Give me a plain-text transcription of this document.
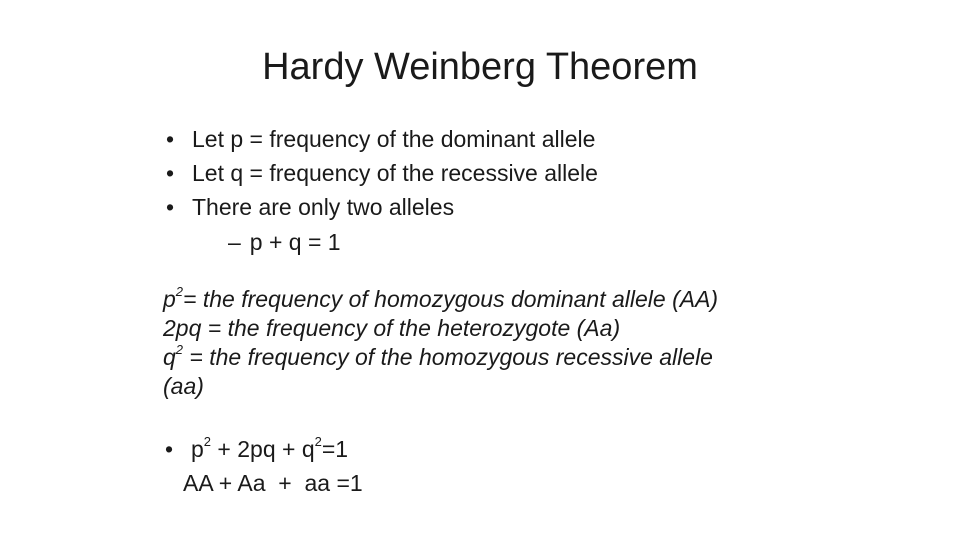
Hardy Weinberg Theorem
• Let p = frequency of the dominant allele
• Let q = frequency of the recessive allele
• There are only two alleles
– p + q = 1
$p^2=$ the frequency of homozygous dominant allele (AA)
2pq = the frequency of the heterozygote (Aa)
$q^2$ = the frequency of the homozygous recessive allele
(aa)
• $p^2 + 2pq + q^2=1$
AA + Aa  +  aa =1
